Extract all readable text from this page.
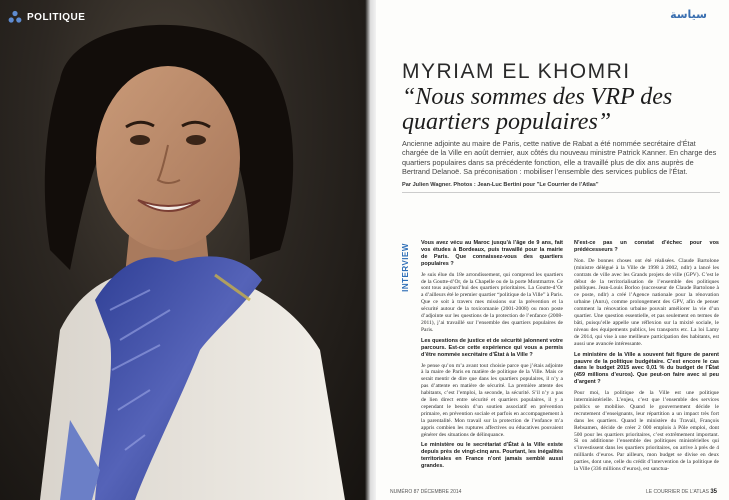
POLITIQUE	سياسة
MYRIAM EL KHOMRI
“Nous sommes des VRP des quartiers populaires”
Ancienne adjointe au maire de Paris, cette native de Rabat a été nommée secrétaire d’État chargée de la Ville en août dernier, aux côtés du nouveau ministre Patrick Kanner. En charge des quartiers populaires dans sa précédente fonction, elle a travaillé plus de dix ans auprès de Bertrand Delanoë. Sa préconisation : mobiliser l’ensemble des services publics de l’État.
Par Julien Wagner. Photos : Jean-Luc Bertini pour "Le Courrier de l’Atlas"
INTERVIEW

Vous avez vécu au Maroc jusqu’à l’âge de 9 ans, fait vos études à Bordeaux, puis travaillé pour la mairie de Paris. Que connaissez-vous des quartiers populaires ?

Je suis élue du 18e arrondissement, qui comprend les quartiers de la Goutte-d’Or, de la Chapelle ou de la porte Montmartre. Ce sont tous aujourd’hui des quartiers prioritaires. La Goutte-d’Or a d’ailleurs été le premier quartier “politique de la Ville” à Paris. Que ce soit à travers mes missions sur la prévention et la sécurité autour de la toxicomanie (2001-2008) ou mon poste d’adjointe sur les questions de la protection de l’enfance (2008-2011), j’ai travaillé sur l’ensemble des quartiers populaires de Paris.

Les questions de justice et de sécurité jalonnent votre parcours. Est-ce cette expérience qui vous a permis d’être nommée secrétaire d’État à la Ville ?

Je pense qu’on m’a avant tout choisie parce que j’étais adjointe à la maire de Paris en matière de politique de la Ville. Mais ce serait mentir de dire que dans les quartiers populaires, il n’y a pas d’attente en matière de sécurité. La première attente des habitants, c’est l’emploi, la seconde, la sécurité. S’il n’y a pas de lien direct entre sécurité et quartiers populaires, il y a cependant le besoin d’un soutien associatif en prévention primaire, en prévention sociale et parfois en accompagnement à la parentalité. Mon travail sur la protection de l’enfance m’a appris combien les ruptures affectives ou éducatives pouvaient générer des situations de délinquance.

Le ministère ou le secrétariat d’État à la Ville existe depuis près de vingt-cinq ans. Pourtant, les inégalités territoriales en France n’ont jamais semblé aussi grandes.

N’est-ce pas un constat d’échec pour vos prédécesseurs ?

Non. De bonnes choses ont été réalisées. Claude Bartolone (ministre délégué à la Ville de 1998 à 2002, ndlr) a lancé les contrats de ville avec les Grands projets de ville (GPV). C’est le début de la territorialisation de l’ensemble des politiques publiques. Jean-Louis Borloo (successeur de Claude Bartolone à ce poste, ndlr) a créé l’Agence nationale pour la rénovation urbaine (Anru), comme prolongement des GPV, afin de penser comment la rénovation urbaine pouvait améliorer la vie d’un quartier. Une question essentielle, et pas seulement en termes de bâti, puisqu’elle appelle une réflexion sur la mixité sociale, le niveau des équipements publics, les transports etc. La loi Lamy de 2014, qui vise à une meilleure participation des habitants, est aussi une avancée intéressante.

Le ministère de la Ville a souvent fait figure de parent pauvre de la politique budgétaire. C’est encore le cas dans le budget 2015 avec 0,01 % du budget de l’État (459 millions d’euros). Que peut-on faire avec si peu d’argent ?

Pour moi, la politique de la Ville est une politique interministérielle. L’enjeu, c’est que l’ensemble des services publics se mobilise. Quand le gouvernement décide le recrutement d’enseignants, leur répartition a un impact très fort dans les quartiers. Quand le ministère du Travail, François Rebsamen, décide de créer 2 000 emplois à Pôle emploi, dont 500 pour les quartiers prioritaires, c’est extrêmement important. Si on additionne l’ensemble des politiques ministérielles qui s’investissent dans les quartiers prioritaires, on arrive à près de 4 milliards d’euros. Par ailleurs, mon budget se divise en deux parties, dont une, celle du crédit d’intervention de la politique de la Ville (336 millions d’euros), est sanctua-

NUMÉRO 87 DÉCEMBRE 2014	LE COURRIER DE L’ATLAS 35
